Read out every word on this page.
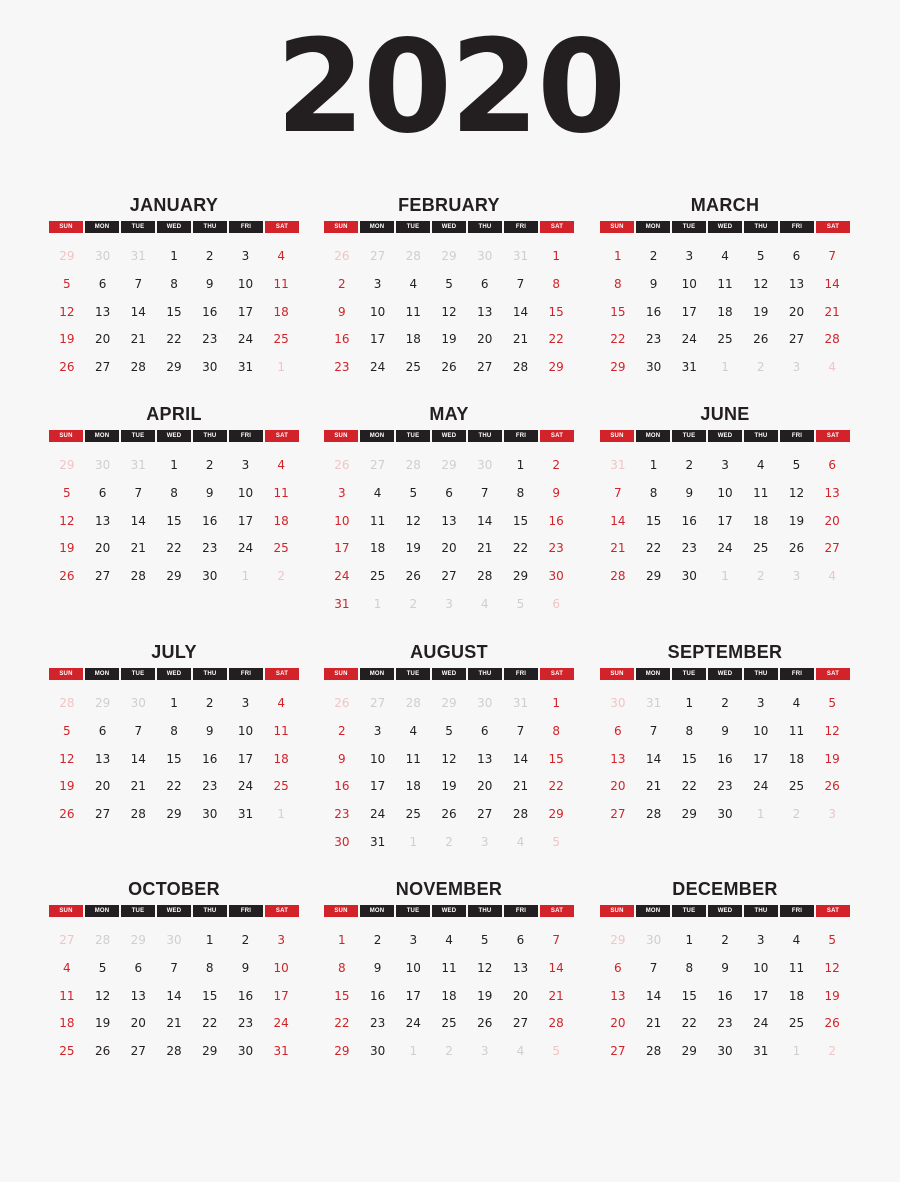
2020
JANUARY
SUN	MON	TUE	WED	THU	FRI	SAT
29	30	31	1	2	3	4
5	6	7	8	9	10	11
12	13	14	15	16	17	18
19	20	21	22	23	24	25
26	27	28	29	30	31	1
FEBRUARY
SUN	MON	TUE	WED	THU	FRI	SAT
26	27	28	29	30	31	1
2	3	4	5	6	7	8
9	10	11	12	13	14	15
16	17	18	19	20	21	22
23	24	25	26	27	28	29
MARCH
SUN	MON	TUE	WED	THU	FRI	SAT
1	2	3	4	5	6	7
8	9	10	11	12	13	14
15	16	17	18	19	20	21
22	23	24	25	26	27	28
29	30	31	1	2	3	4
APRIL
SUN	MON	TUE	WED	THU	FRI	SAT
29	30	31	1	2	3	4
5	6	7	8	9	10	11
12	13	14	15	16	17	18
19	20	21	22	23	24	25
26	27	28	29	30	1	2
MAY
SUN	MON	TUE	WED	THU	FRI	SAT
26	27	28	29	30	1	2
3	4	5	6	7	8	9
10	11	12	13	14	15	16
17	18	19	20	21	22	23
24	25	26	27	28	29	30
31	1	2	3	4	5	6
JUNE
SUN	MON	TUE	WED	THU	FRI	SAT
31	1	2	3	4	5	6
7	8	9	10	11	12	13
14	15	16	17	18	19	20
21	22	23	24	25	26	27
28	29	30	1	2	3	4
JULY
SUN	MON	TUE	WED	THU	FRI	SAT
28	29	30	1	2	3	4
5	6	7	8	9	10	11
12	13	14	15	16	17	18
19	20	21	22	23	24	25
26	27	28	29	30	31	1
AUGUST
SUN	MON	TUE	WED	THU	FRI	SAT
26	27	28	29	30	31	1
2	3	4	5	6	7	8
9	10	11	12	13	14	15
16	17	18	19	20	21	22
23	24	25	26	27	28	29
30	31	1	2	3	4	5
SEPTEMBER
SUN	MON	TUE	WED	THU	FRI	SAT
30	31	1	2	3	4	5
6	7	8	9	10	11	12
13	14	15	16	17	18	19
20	21	22	23	24	25	26
27	28	29	30	1	2	3
OCTOBER
SUN	MON	TUE	WED	THU	FRI	SAT
27	28	29	30	1	2	3
4	5	6	7	8	9	10
11	12	13	14	15	16	17
18	19	20	21	22	23	24
25	26	27	28	29	30	31
NOVEMBER
SUN	MON	TUE	WED	THU	FRI	SAT
1	2	3	4	5	6	7
8	9	10	11	12	13	14
15	16	17	18	19	20	21
22	23	24	25	26	27	28
29	30	1	2	3	4	5
DECEMBER
SUN	MON	TUE	WED	THU	FRI	SAT
29	30	1	2	3	4	5
6	7	8	9	10	11	12
13	14	15	16	17	18	19
20	21	22	23	24	25	26
27	28	29	30	31	1	2
